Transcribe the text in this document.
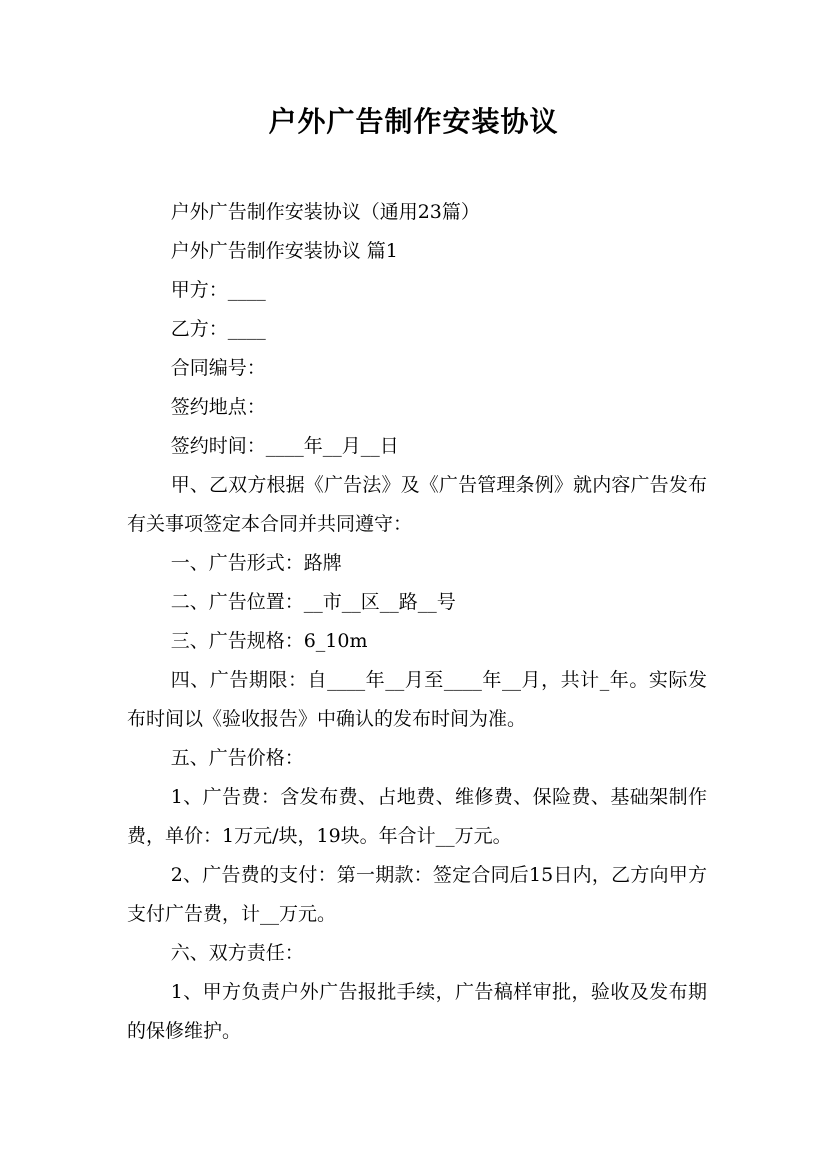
户外广告制作安装协议

户外广告制作安装协议（通用23篇）

户外广告制作安装协议 篇1

甲方：____

乙方：____

合同编号：

签约地点：

签约时间：____年__月__日

甲、乙双方根据《广告法》及《广告管理条例》就内容广告发布有关事项签定本合同并共同遵守：

一、广告形式：路牌

二、广告位置：__市__区__路__号

三、广告规格：6_10m

四、广告期限：自____年__月至____年__月，共计_年。实际发布时间以《验收报告》中确认的发布时间为准。

五、广告价格：

1、广告费：含发布费、占地费、维修费、保险费、基础架制作费，单价：1万元/块，19块。年合计__万元。

2、广告费的支付：第一期款：签定合同后15日内，乙方向甲方支付广告费，计__万元。

六、双方责任：

1、甲方负责户外广告报批手续，广告稿样审批，验收及发布期的保修维护。
